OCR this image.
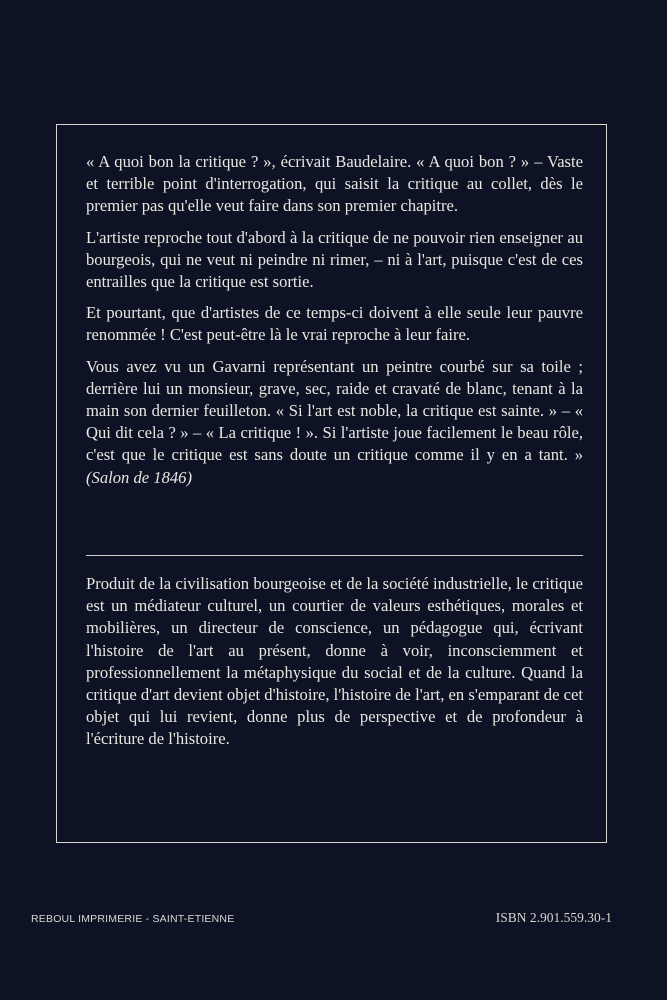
« A quoi bon la critique ? », écrivait Baudelaire. « A quoi bon ? » – Vaste et terrible point d'interrogation, qui saisit la critique au collet, dès le premier pas qu'elle veut faire dans son premier chapitre.

L'artiste reproche tout d'abord à la critique de ne pouvoir rien enseigner au bourgeois, qui ne veut ni peindre ni rimer, – ni à l'art, puisque c'est de ces entrailles que la critique est sortie.

Et pourtant, que d'artistes de ce temps-ci doivent à elle seule leur pauvre renommée ! C'est peut-être là le vrai reproche à leur faire.

Vous avez vu un Gavarni représentant un peintre courbé sur sa toile ; derrière lui un monsieur, grave, sec, raide et cravaté de blanc, tenant à la main son dernier feuilleton. « Si l'art est noble, la critique est sainte. » – « Qui dit cela ? » – « La critique ! ». Si l'artiste joue facilement le beau rôle, c'est que le critique est sans doute un critique comme il y en a tant. » (Salon de 1846)

Produit de la civilisation bourgeoise et de la société industrielle, le critique est un médiateur culturel, un courtier de valeurs esthétiques, morales et mobilières, un directeur de conscience, un pédagogue qui, écrivant l'histoire de l'art au présent, donne à voir, inconsciemment et professionnellement la métaphysique du social et de la culture. Quand la critique d'art devient objet d'histoire, l'histoire de l'art, en s'emparant de cet objet qui lui revient, donne plus de perspective et de profondeur à l'écriture de l'histoire.

REBOUL IMPRIMERIE - SAINT-ETIENNE	ISBN 2.901.559.30-1
